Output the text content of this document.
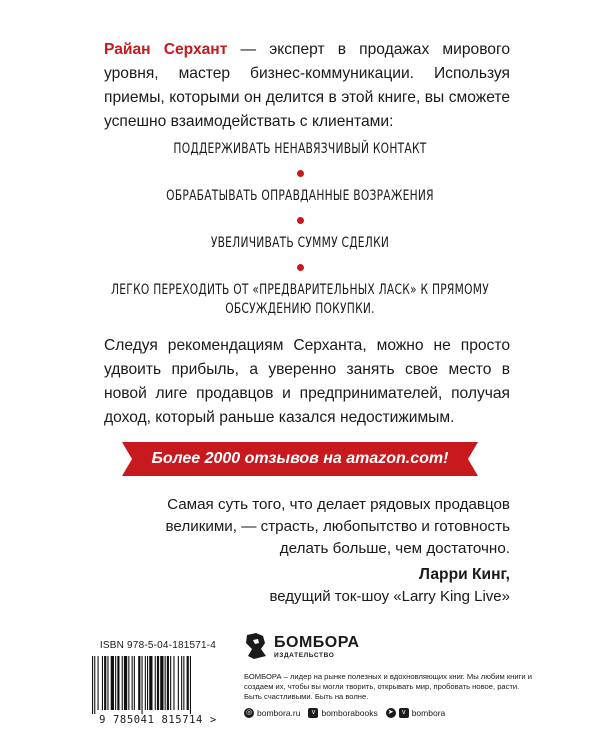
Райан Серхант — эксперт в продажах мирового уровня, мастер бизнес-коммуникации. Используя приемы, которыми он делится в этой книге, вы сможете успешно взаимодействать с клиентами:

ПОДДЕРЖИВАТЬ НЕНАВЯЗЧИВЫЙ КОНТАКТ
ОБРАБАТЫВАТЬ ОПРАВДАННЫЕ ВОЗРАЖЕНИЯ
УВЕЛИЧИВАТЬ СУММУ СДЕЛКИ
ЛЕГКО ПЕРЕХОДИТЬ ОТ «ПРЕДВАРИТЕЛЬНЫХ ЛАСК» К ПРЯМОМУ ОБСУЖДЕНИЮ ПОКУПКИ.

Следуя рекомендациям Серханта, можно не просто удвоить прибыль, а уверенно занять свое место в новой лиге продавцов и предпринимателей, получая доход, который раньше казался недостижимым.

Более 2000 отзывов на amazon.com!

Самая суть того, что делает рядовых продавцов великими, — страсть, любопытство и готовность делать больше, чем достаточно.

Ларри Кинг,
ведущий ток-шоу «Larry King Live»
ISBN 978-5-04-181571-4
9 785041 815714 >
БОМБОРА
ИЗДАТЕЛЬСТВО

БОМБОРА – лидер на рынке полезных и вдохновляющих книг. Мы любим книги и создаем их, чтобы вы могли творить, открывать мир, пробовать новое, расти. Быть счастливыми. Быть на волне.

◎ bombora.ru	v bomborabooks ➤	v bombora
